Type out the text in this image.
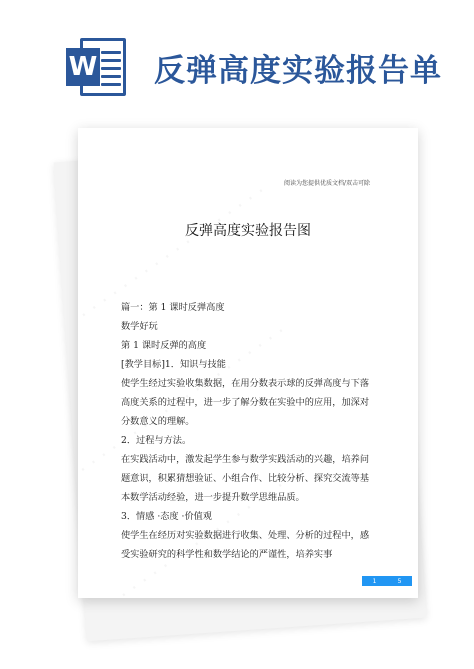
W 反弹高度实验报告单
阅读为您提供优质文档/双击可除
反弹高度实验报告图

篇一：第 1 课时反弹高度

数学好玩

第 1 课时反弹的高度

[教学目标]1．知识与技能

使学生经过实验收集数据，在用分数表示球的反弹高度与下落高度关系的过程中，进一步了解分数在实验中的应用，加深对分数意义的理解。

2．过程与方法。

在实践活动中，激发起学生参与数学实践活动的兴趣，培养问题意识，积累猜想验证、小组合作、比较分析、探究交流等基本数学活动经验，进一步提升数学思维品质。

3．情感 ·态度 ·价值观

使学生在经历对实验数据进行收集、处理、分析的过程中，感受实验研究的科学性和数学结论的严谨性，培养实事

1	5
